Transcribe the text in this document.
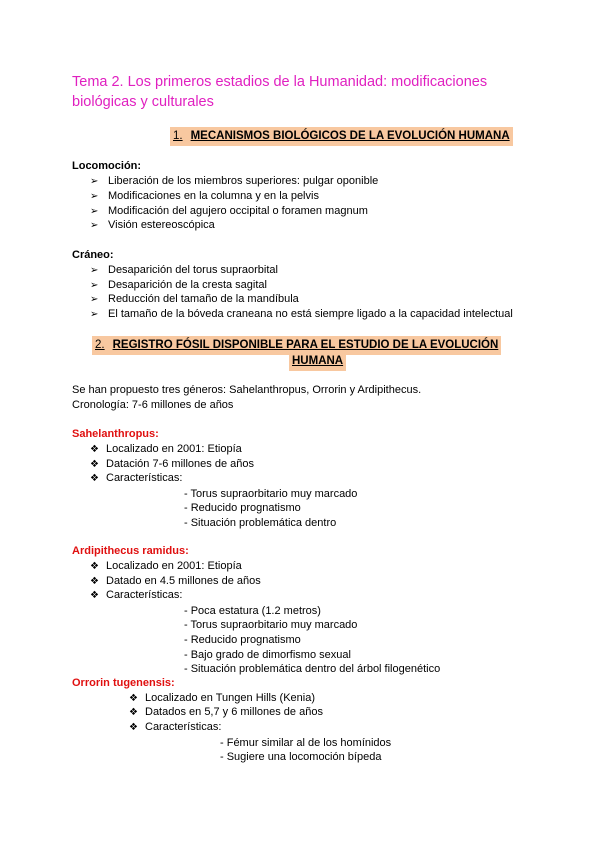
Tema 2. Los primeros estadios de la Humanidad: modificaciones biológicas y culturales
1. MECANISMOS BIOLÓGICOS DE LA EVOLUCIÓN HUMANA
Locomoción:
➢ Liberación de los miembros superiores: pulgar oponible
➢ Modificaciones en la columna y en la pelvis
➢ Modificación del agujero occipital o foramen magnum
➢ Visión estereoscópica
Cráneo:
➢ Desaparición del torus supraorbital
➢ Desaparición de la cresta sagital
➢ Reducción del tamaño de la mandíbula
➢ El tamaño de la bóveda craneana no está siempre ligado a la capacidad intelectual
2. REGISTRO FÓSIL DISPONIBLE PARA EL ESTUDIO DE LA EVOLUCIÓN
HUMANA
Se han propuesto tres géneros: Sahelanthropus, Orrorin y Ardipithecus.
Cronología: 7-6 millones de años
Sahelanthropus:
❖ Localizado en 2001: Etiopía
❖ Datación 7-6 millones de años
❖ Características:
- Torus supraorbitario muy marcado
- Reducido prognatismo
- Situación problemática dentro
Ardipithecus ramidus:
❖ Localizado en 2001: Etiopía
❖ Datado en 4.5 millones de años
❖ Características:
- Poca estatura (1.2 metros)
- Torus supraorbitario muy marcado
- Reducido prognatismo
- Bajo grado de dimorfismo sexual
- Situación problemática dentro del árbol filogenético
Orrorin tugenensis:
❖ Localizado en Tungen Hills (Kenia)
❖ Datados en 5,7 y 6 millones de años
❖ Características:
- Fémur similar al de los homínidos
- Sugiere una locomoción bípeda
